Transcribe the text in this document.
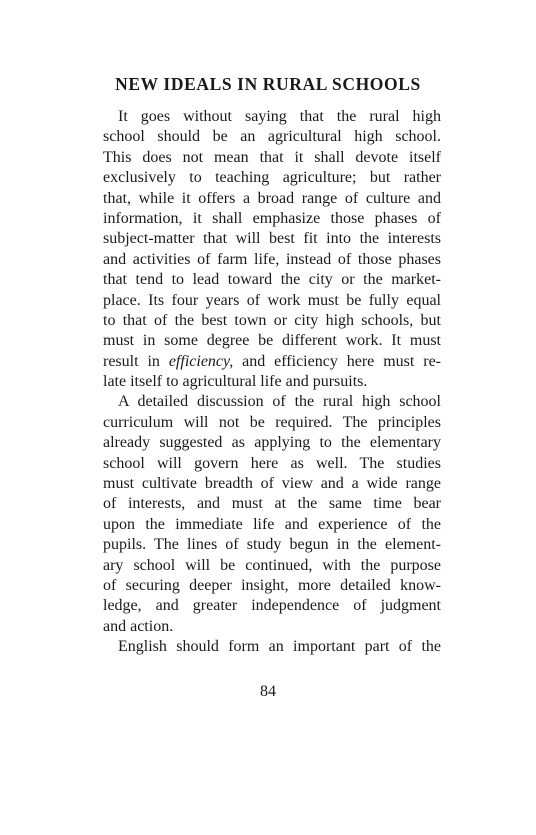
NEW IDEALS IN RURAL SCHOOLS
It goes without saying that the rural high
school should be an agricultural high school.
This does not mean that it shall devote itself
exclusively to teaching agriculture; but rather
that, while it offers a broad range of culture and
information, it shall emphasize those phases of
subject-matter that will best fit into the interests
and activities of farm life, instead of those phases
that tend to lead toward the city or the market-
place. Its four years of work must be fully equal
to that of the best town or city high schools, but
must in some degree be different work. It must
result in efficiency, and efficiency here must re-
late itself to agricultural life and pursuits.
A detailed discussion of the rural high school
curriculum will not be required. The principles
already suggested as applying to the elementary
school will govern here as well. The studies
must cultivate breadth of view and a wide range
of interests, and must at the same time bear
upon the immediate life and experience of the
pupils. The lines of study begun in the element-
ary school will be continued, with the purpose
of securing deeper insight, more detailed know-
ledge, and greater independence of judgment
and action.
English should form an important part of the
84
